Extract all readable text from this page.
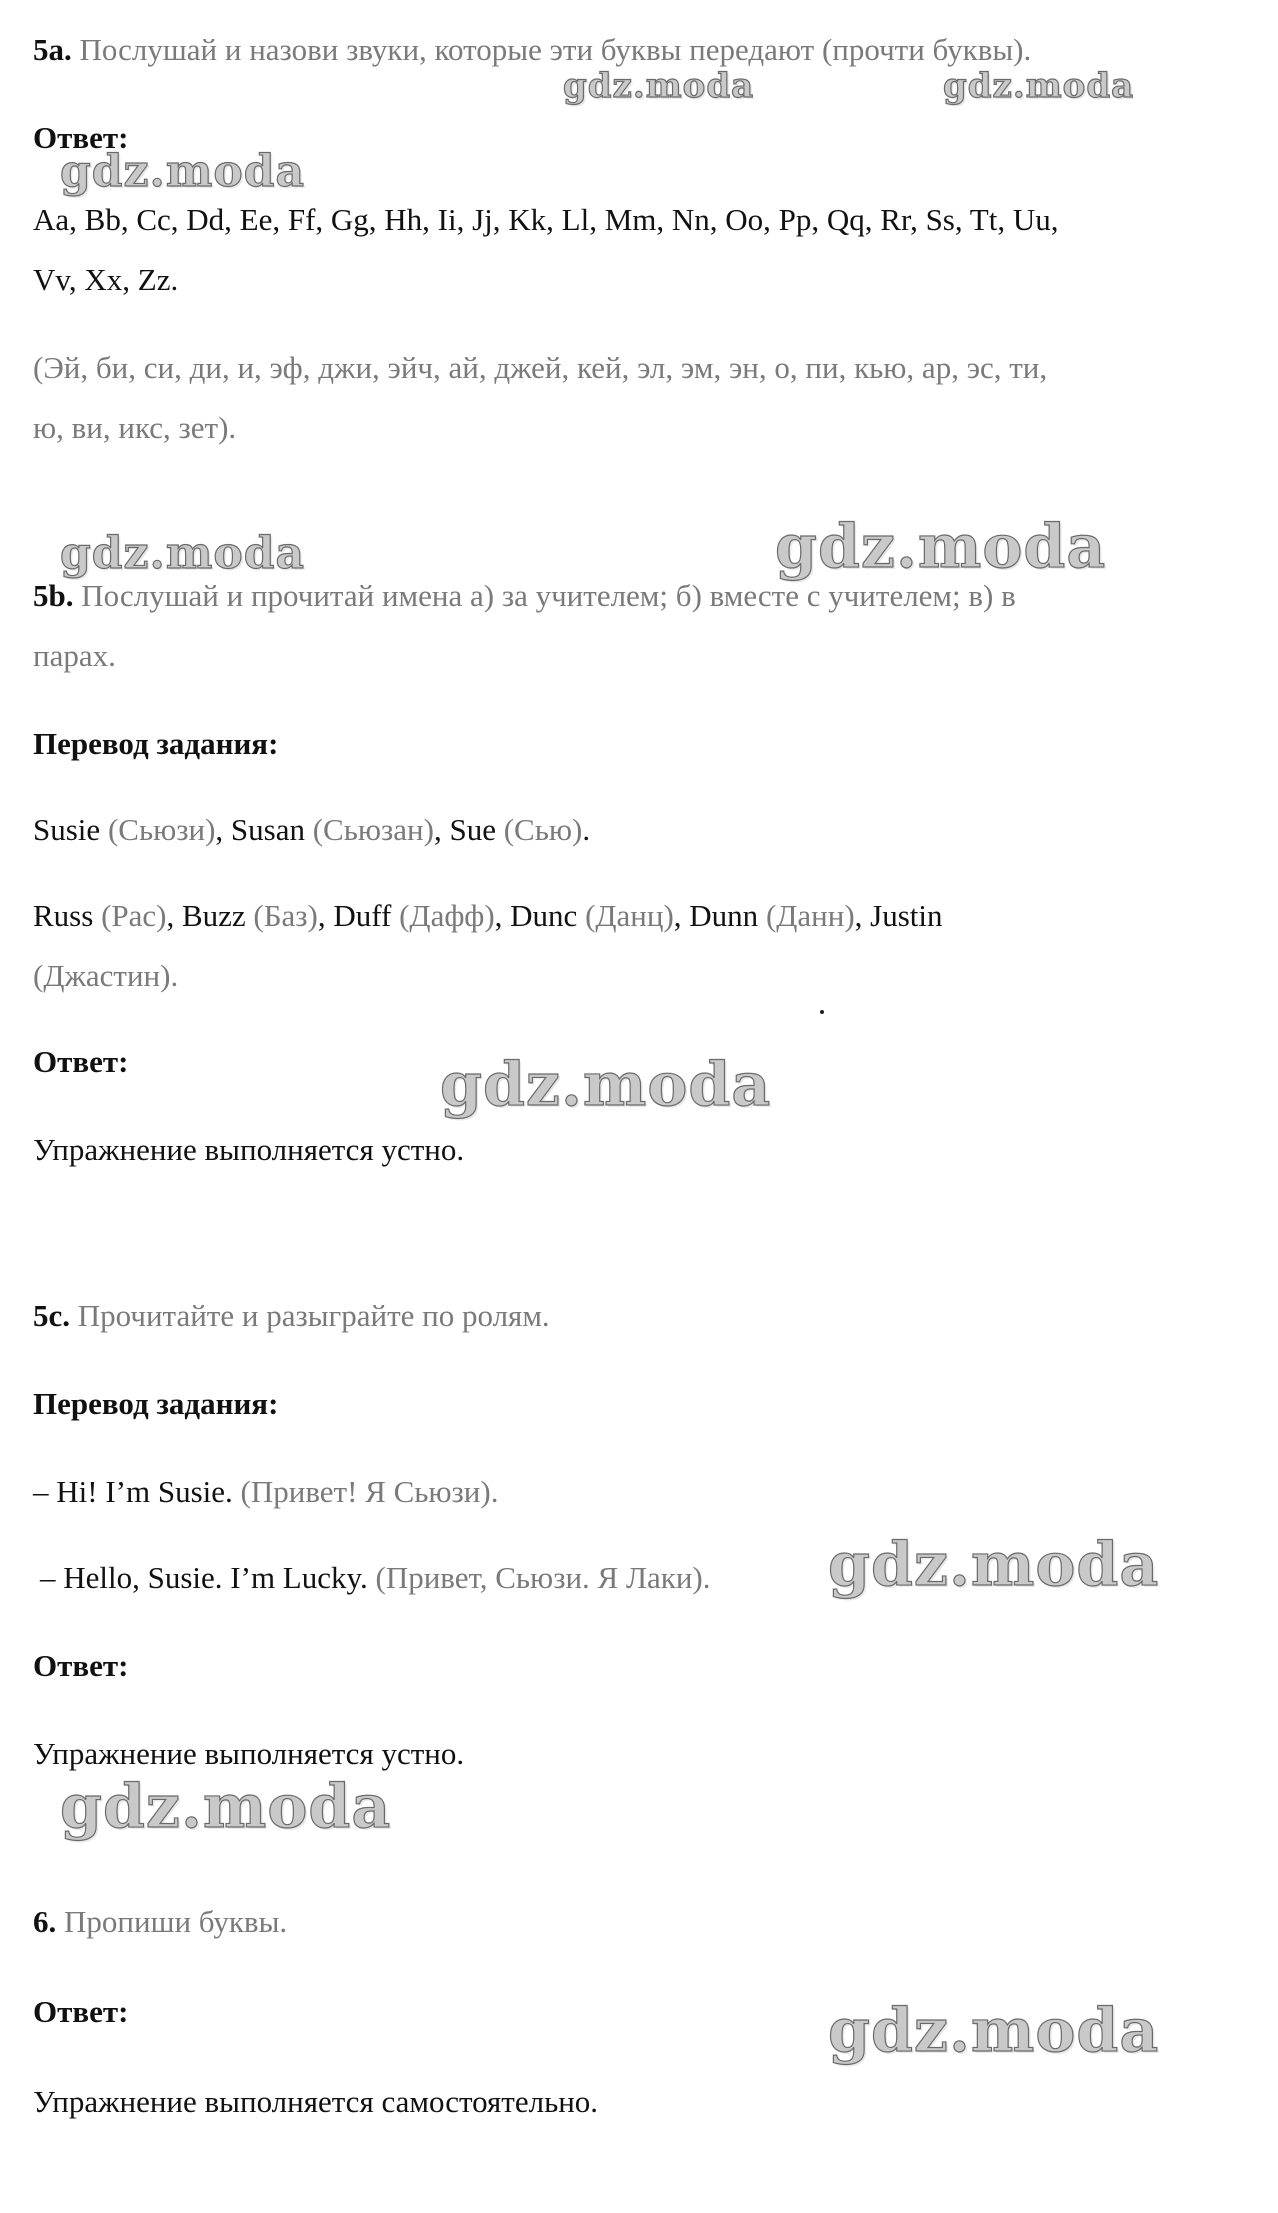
5a. Послушай и назови звуки, которые эти буквы передают (прочти буквы).
gdz.moda	gdz.moda
Ответ:
gdz.moda
Aa, Bb, Cc, Dd, Ee, Ff, Gg, Hh, Ii, Jj, Kk, Ll, Mm, Nn, Oo, Pp, Qq, Rr, Ss, Tt, Uu,
Vv, Xx, Zz.
(Эй, би, си, ди, и, эф, джи, эйч, ай, джей, кей, эл, эм, эн, о, пи, кью, ар, эс, ти,
ю, ви, икс, зет).
gdz.moda	gdz.moda
5b. Послушай и прочитай имена а) за учителем; б) вместе с учителем; в) в
парах.
Перевод задания:
Susie (Сьюзи), Susan (Сьюзан), Sue (Сью).
Russ (Рас), Buzz (Баз), Duff (Дафф), Dunc (Данц), Dunn (Данн), Justin
(Джастин).
Ответ:	gdz.moda
Упражнение выполняется устно.
5c. Прочитайте и разыграйте по ролям.
Перевод задания:
– Hi! I’m Susie. (Привет! Я Сьюзи).
– Hello, Susie. I’m Lucky. (Привет, Сьюзи. Я Лаки). gdz.moda
Ответ:
Упражнение выполняется устно.
gdz.moda
6. Пропиши буквы.
Ответ:	gdz.moda
Упражнение выполняется самостоятельно.
